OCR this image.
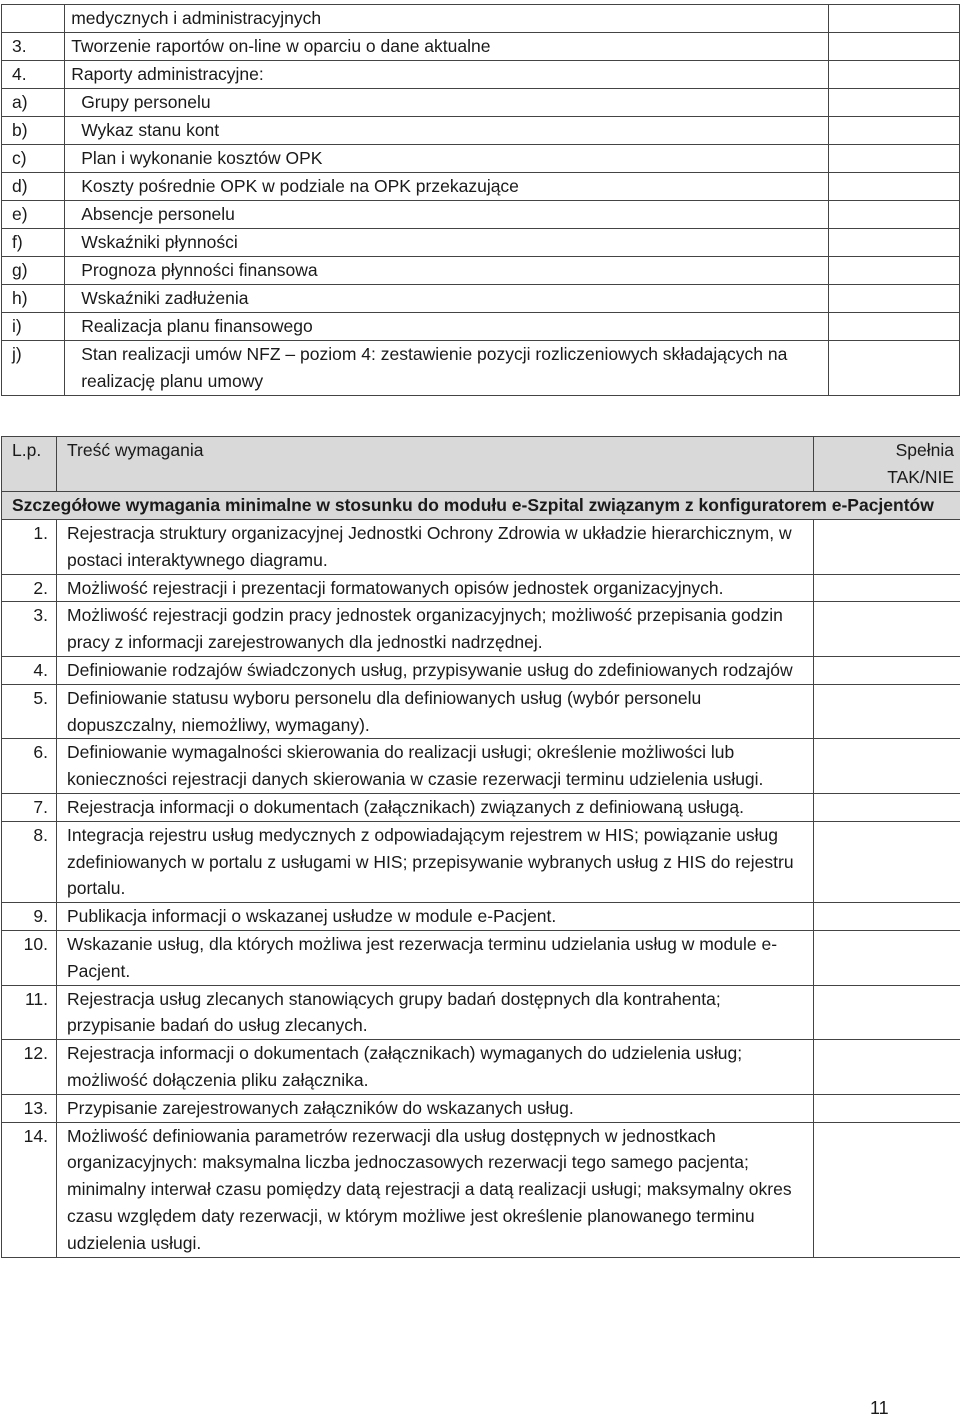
	medycznych i administracyjnych	
3.	Tworzenie raportów on-line w oparciu o dane aktualne	
4.	Raporty administracyjne:	
a)	Grupy personelu	
b)	Wykaz stanu kont	
c)	Plan i wykonanie kosztów OPK	
d)	Koszty pośrednie OPK w podziale na OPK przekazujące	
e)	Absencje personelu	
f)	Wskaźniki płynności	
g)	Prognoza płynności finansowa	
h)	Wskaźniki zadłużenia	
i)	Realizacja planu finansowego	
j)	Stan realizacji umów NFZ – poziom 4: zestawienie pozycji rozliczeniowych składających na realizację planu umowy	
L.p.	Treść wymagania	Spełnia
TAK/NIE

Szczegółowe wymagania minimalne w stosunku do modułu e-Szpital związanym z konfiguratorem e-Pacjentów		
1.	Rejestracja struktury organizacyjnej Jednostki Ochrony Zdrowia w układzie hierarchicznym, w postaci interaktywnego diagramu.	
2.	Możliwość rejestracji i prezentacji formatowanych opisów jednostek organizacyjnych.	
3.	Możliwość rejestracji godzin pracy jednostek organizacyjnych; możliwość przepisania godzin pracy z informacji zarejestrowanych dla jednostki nadrzędnej.	
4.	Definiowanie rodzajów świadczonych usług, przypisywanie usług do zdefiniowanych rodzajów	
5.	Definiowanie statusu wyboru personelu dla definiowanych usług (wybór personelu dopuszczalny, niemożliwy, wymagany).	
6.	Definiowanie wymagalności skierowania do realizacji usługi; określenie możliwości lub konieczności rejestracji danych skierowania w czasie rezerwacji terminu udzielenia usługi.	
7.	Rejestracja informacji o dokumentach (załącznikach) związanych z definiowaną usługą.	
8.	Integracja rejestru usług medycznych z odpowiadającym rejestrem w HIS; powiązanie usług zdefiniowanych w portalu z usługami w HIS; przepisywanie wybranych usług z HIS do rejestru portalu.	
9.	Publikacja informacji o wskazanej usłudze w module e-Pacjent.	
10.	Wskazanie usług, dla których możliwa jest rezerwacja terminu udzielania usług w module e-Pacjent.	
11.	Rejestracja usług zlecanych stanowiących grupy badań dostępnych dla kontrahenta; przypisanie badań do usług zlecanych.	
12.	Rejestracja informacji o dokumentach (załącznikach) wymaganych do udzielenia usług; możliwość dołączenia pliku załącznika.	
13.	Przypisanie zarejestrowanych załączników do wskazanych usług.	
14.	Możliwość definiowania parametrów rezerwacji dla usług dostępnych w jednostkach organizacyjnych: maksymalna liczba jednoczasowych rezerwacji tego samego pacjenta; minimalny interwał czasu pomiędzy datą rejestracji a datą realizacji usługi; maksymalny okres czasu względem daty rezerwacji, w którym możliwe jest określenie planowanego terminu udzielenia usługi.	
11
